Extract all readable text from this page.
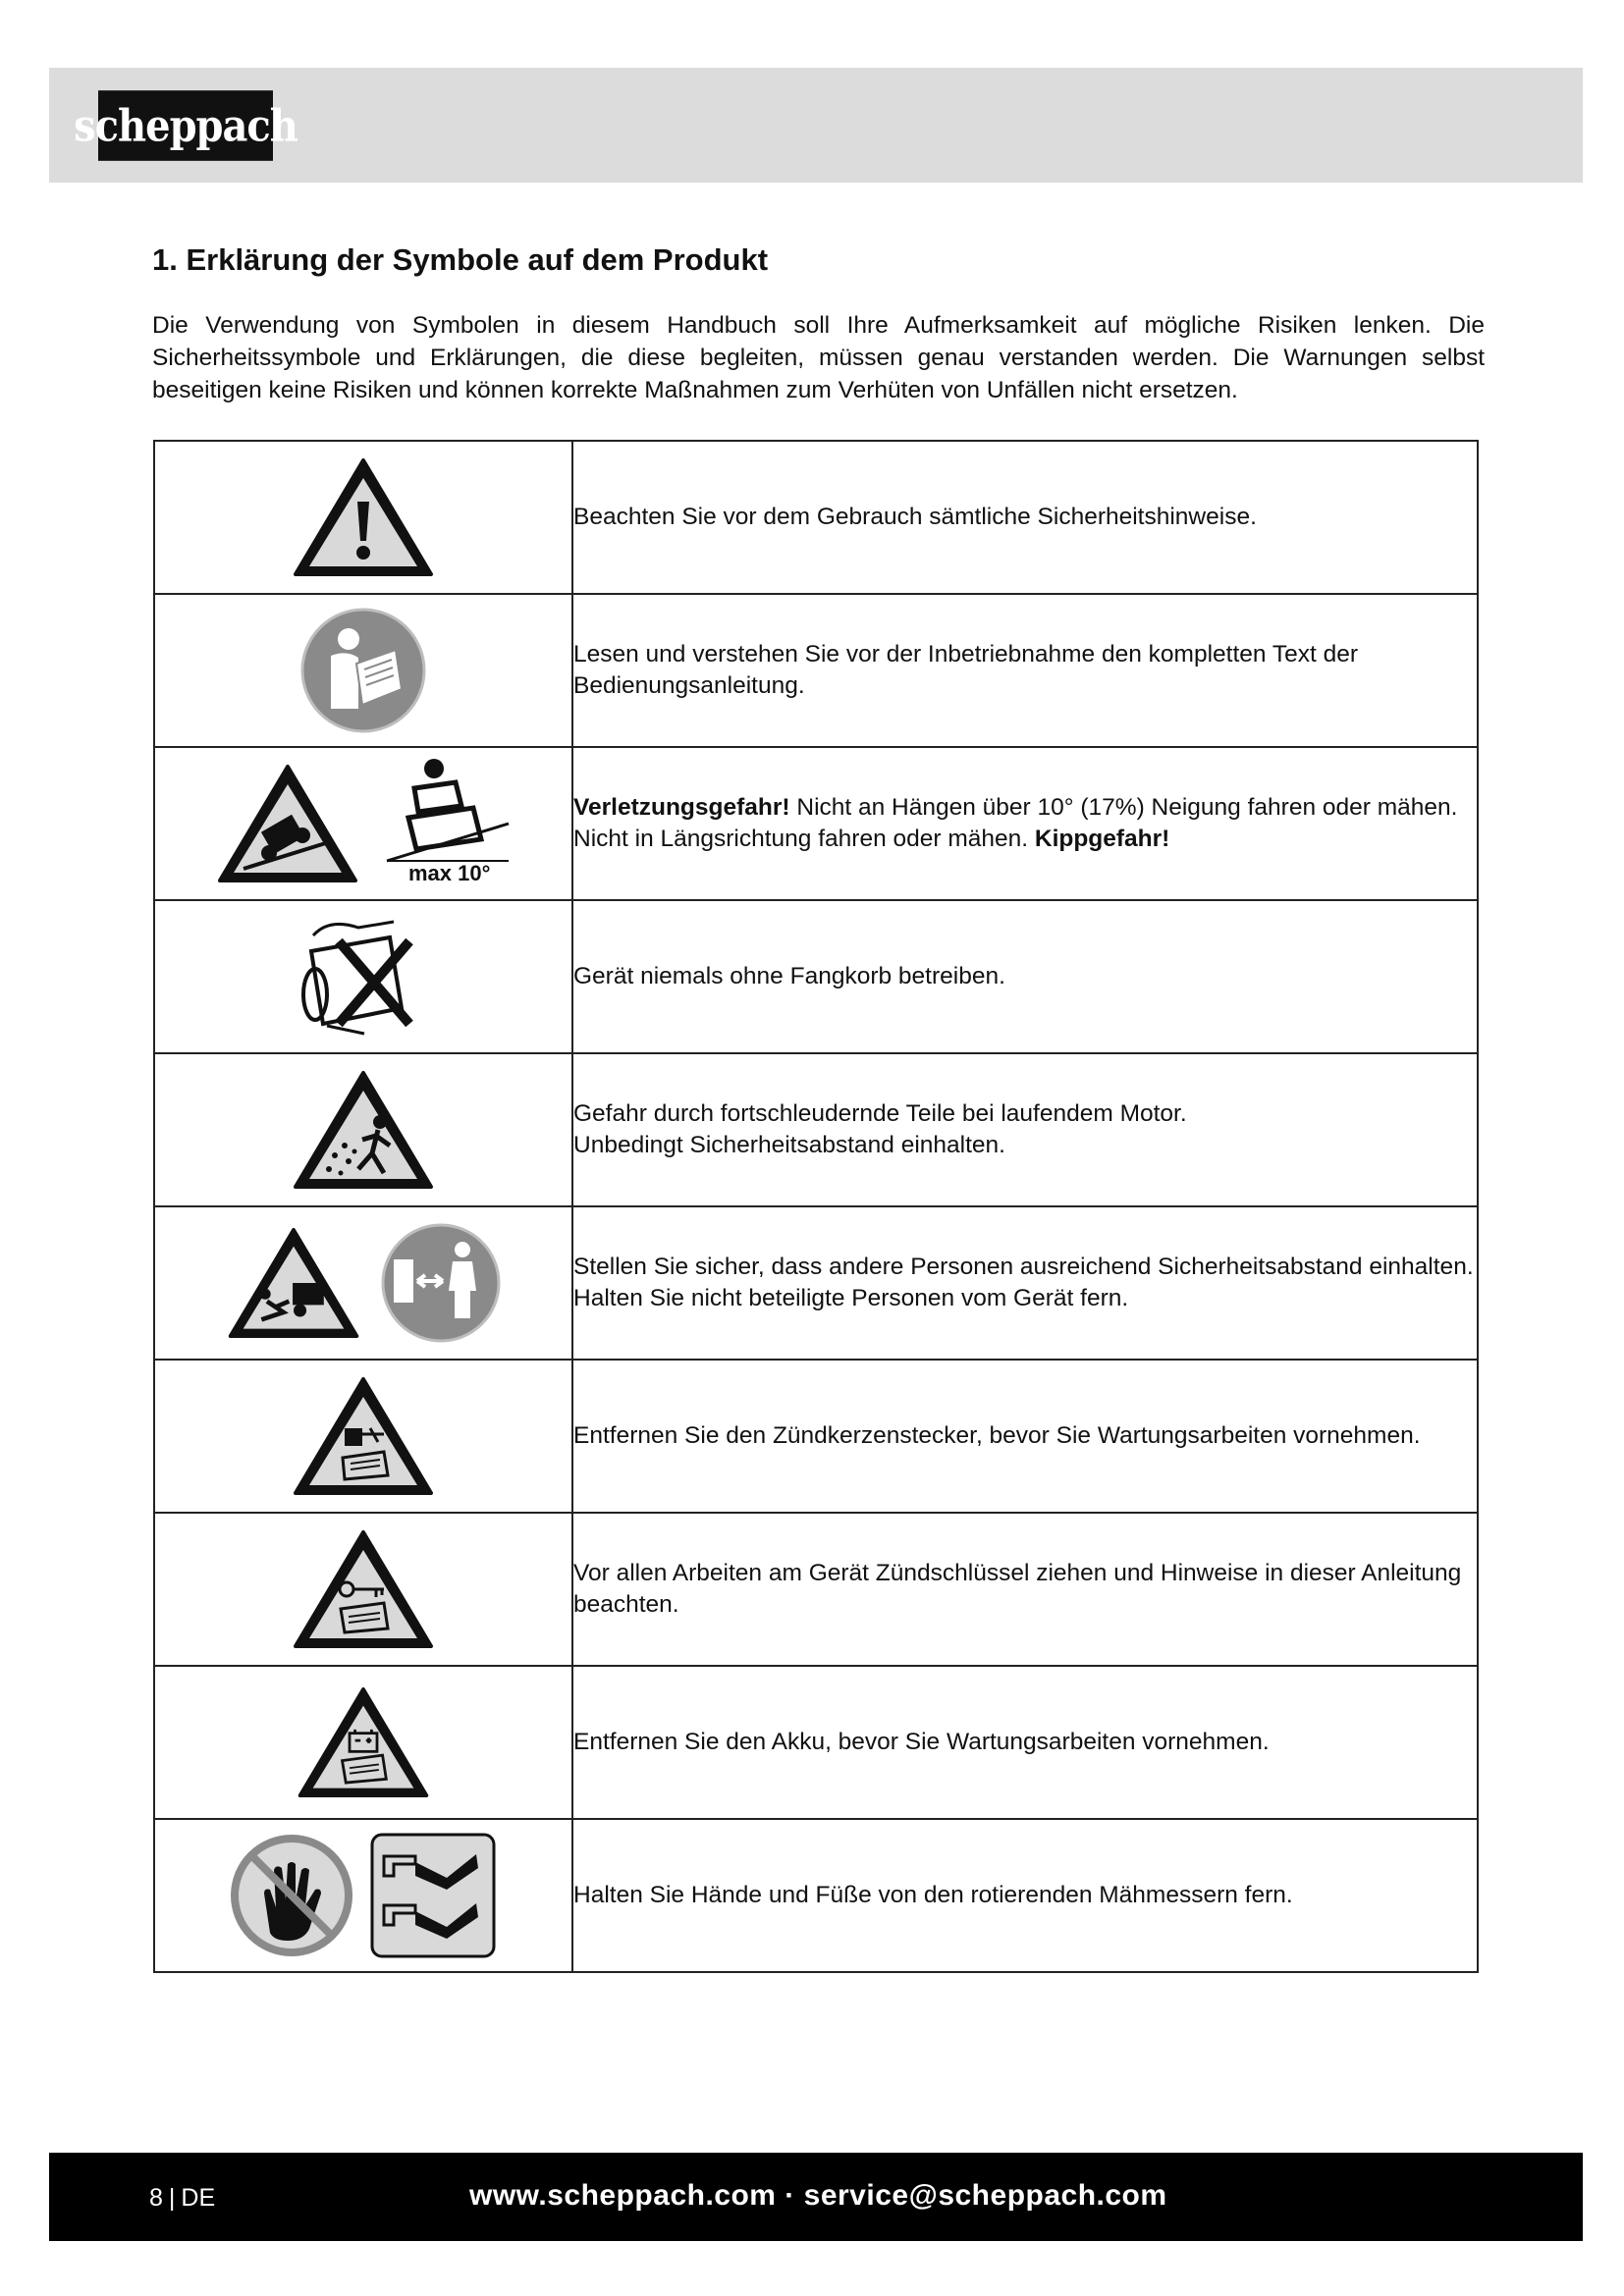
scheppach
1. Erklärung der Symbole auf dem Produkt

Die Verwendung von Symbolen in diesem Handbuch soll Ihre Aufmerksamkeit auf mögliche Risiken lenken. Die Sicherheitssymbole und Erklärungen, die diese begleiten, müssen genau verstanden werden. Die Warnungen selbst beseitigen keine Risiken und können korrekte Maßnahmen zum Verhüten von Unfällen nicht ersetzen.

	Beachten Sie vor dem Gebrauch sämtliche Sicherheitshinweise.

	Lesen und verstehen Sie vor der Inbetriebnahme den kompletten Text der Bedienungsanleitung.

max 10°	Verletzungsgefahr! Nicht an Hängen über 10° (17%) Neigung fahren oder mähen. Nicht in Längsrichtung fahren oder mähen. Kippgefahr!

	Gerät niemals ohne Fangkorb betreiben.

	Gefahr durch fortschleudernde Teile bei laufendem Motor.
Unbedingt Sicherheitsabstand einhalten.

	Stellen Sie sicher, dass andere Personen ausreichend Sicherheitsabstand einhalten. Halten Sie nicht beteiligte Personen vom Gerät fern.

	Entfernen Sie den Zündkerzenstecker, bevor Sie Wartungsarbeiten vornehmen.

	Vor allen Arbeiten am Gerät Zündschlüssel ziehen und Hinweise in dieser Anleitung beachten.

	Entfernen Sie den Akku, bevor Sie Wartungsarbeiten vornehmen.

	Halten Sie Hände und Füße von den rotierenden Mähmessern fern.
8 | DE	www.scheppach.com · service@scheppach.com
